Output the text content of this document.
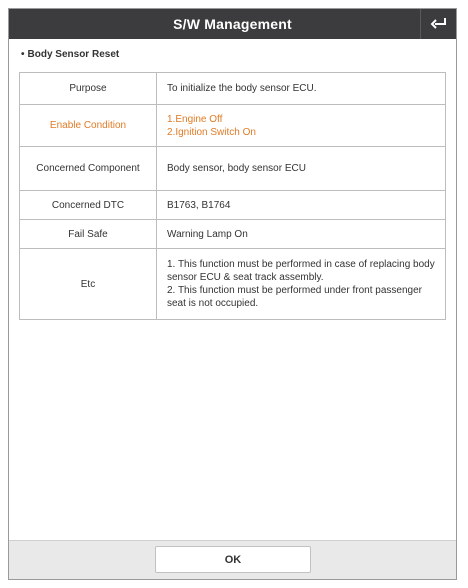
S/W Management
• Body Sensor Reset
Purpose	To initialize the body sensor ECU.

Enable Condition	1.Engine Off
2.Ignition Switch On

Concerned Component	Body sensor, body sensor ECU

Concerned DTC	B1763, B1764

Fail Safe	Warning Lamp On

Etc	1. This function must be performed in case of replacing body sensor ECU & seat track assembly.
2. This function must be performed under front passenger seat is not occupied.
OK
